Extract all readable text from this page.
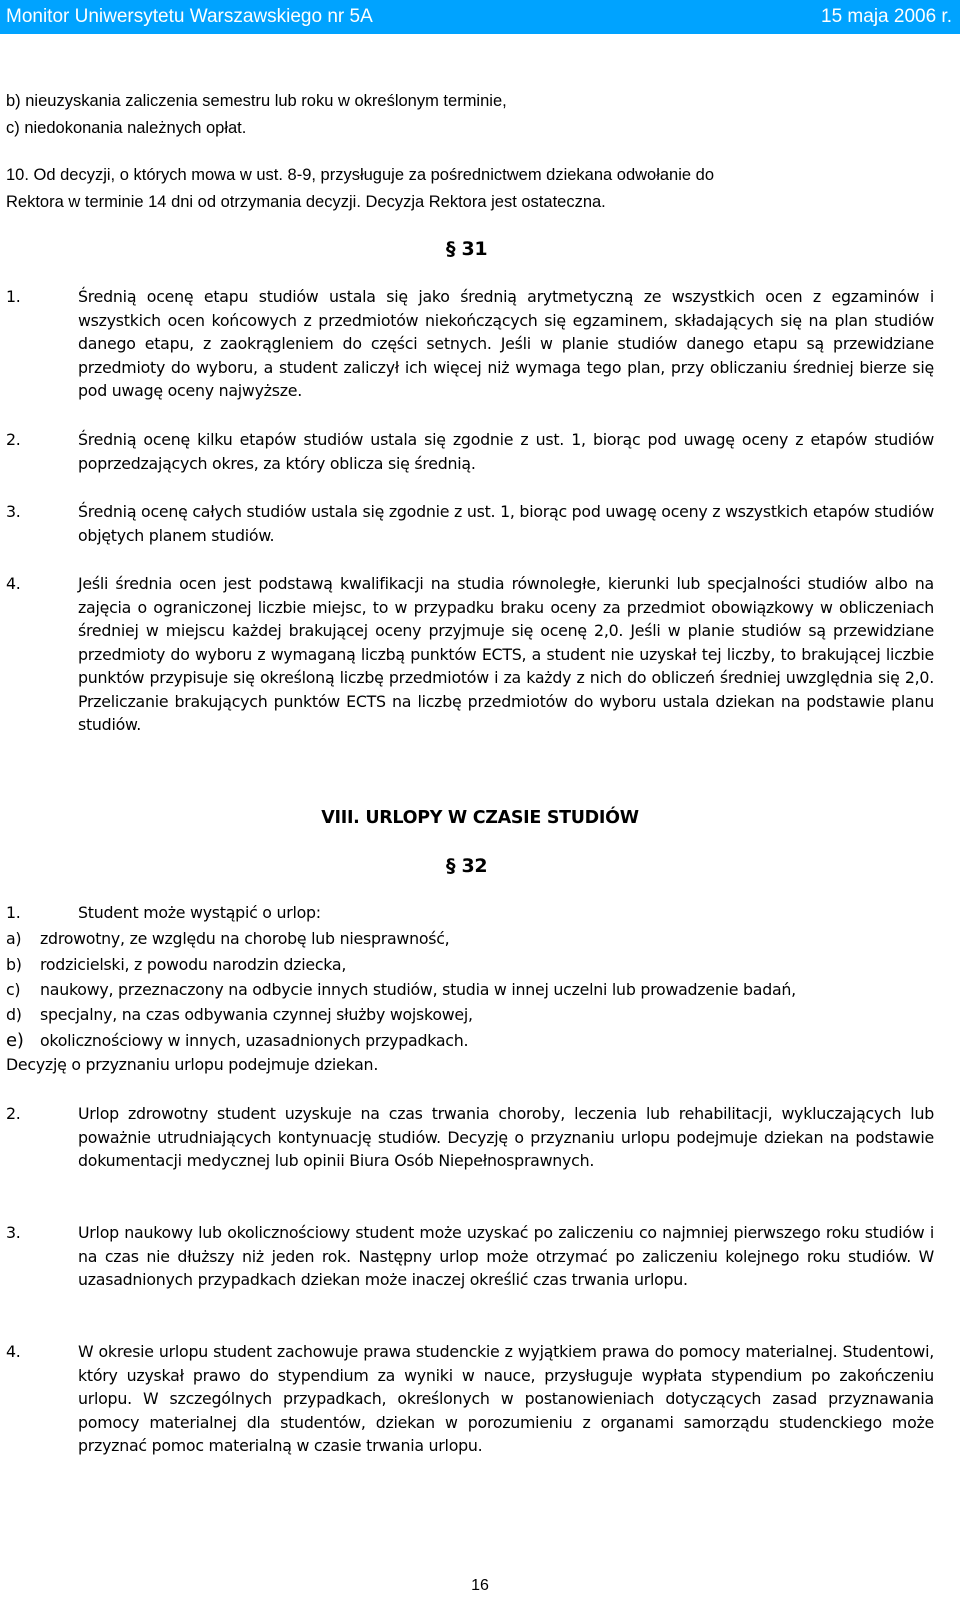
Monitor Uniwersytetu Warszawskiego nr 5A	15 maja 2006 r.
b) nieuzyskania zaliczenia semestru lub roku w określonym terminie,
c) niedokonania należnych opłat.
10. Od decyzji, o których mowa w ust. 8-9, przysługuje za pośrednictwem dziekana odwołanie do
Rektora w terminie 14 dni od otrzymania decyzji. Decyzja Rektora jest ostateczna.
§ 31
1.	Średnią ocenę etapu studiów ustala się jako średnią arytmetyczną ze wszystkich ocen z egzaminów i wszystkich ocen końcowych z przedmiotów niekończących się egzaminem, składających się na plan studiów danego etapu, z zaokrągleniem do części setnych. Jeśli w planie studiów danego etapu są przewidziane przedmioty do wyboru, a student zaliczył ich więcej niż wymaga tego plan, przy obliczaniu średniej bierze się pod uwagę oceny najwyższe.
2.	Średnią ocenę kilku etapów studiów ustala się zgodnie z ust. 1, biorąc pod uwagę oceny z etapów studiów poprzedzających okres, za który oblicza się średnią.
3.	Średnią ocenę całych studiów ustala się zgodnie z ust. 1, biorąc pod uwagę oceny z wszystkich etapów studiów objętych planem studiów.
4.	Jeśli średnia ocen jest podstawą kwalifikacji na studia równoległe, kierunki lub specjalności studiów albo na zajęcia o ograniczonej liczbie miejsc, to w przypadku braku oceny za przedmiot obowiązkowy w obliczeniach średniej w miejscu każdej brakującej oceny przyjmuje się ocenę 2,0. Jeśli w planie studiów są przewidziane przedmioty do wyboru z wymaganą liczbą punktów ECTS, a student nie uzyskał tej liczby, to brakującej liczbie punktów przypisuje się określoną liczbę przedmiotów i za każdy z nich do obliczeń średniej uwzględnia się 2,0. Przeliczanie brakujących punktów ECTS na liczbę przedmiotów do wyboru ustala dziekan na podstawie planu studiów.
VIII. URLOPY W CZASIE STUDIÓW
§ 32
1.	Student może wystąpić o urlop:
a) zdrowotny, ze względu na chorobę lub niesprawność,
b) rodzicielski, z powodu narodzin dziecka,
c) naukowy, przeznaczony na odbycie innych studiów, studia w innej uczelni lub prowadzenie badań,
d) specjalny, na czas odbywania czynnej służby wojskowej,
e) okolicznościowy w innych, uzasadnionych przypadkach.
Decyzję o przyznaniu urlopu podejmuje dziekan.
2.	Urlop zdrowotny student uzyskuje na czas trwania choroby, leczenia lub rehabilitacji, wykluczających lub poważnie utrudniających kontynuację studiów. Decyzję o przyznaniu urlopu podejmuje dziekan na podstawie dokumentacji medycznej lub opinii Biura Osób Niepełnosprawnych.
3.	Urlop naukowy lub okolicznościowy student może uzyskać po zaliczeniu co najmniej pierwszego roku studiów i na czas nie dłuższy niż jeden rok. Następny urlop może otrzymać po zaliczeniu kolejnego roku studiów. W uzasadnionych przypadkach dziekan może inaczej określić czas trwania urlopu.
4.	W okresie urlopu student zachowuje prawa studenckie z wyjątkiem prawa do pomocy materialnej. Studentowi, który uzyskał prawo do stypendium za wyniki w nauce, przysługuje wypłata stypendium po zakończeniu urlopu. W szczególnych przypadkach, określonych w postanowieniach dotyczących zasad przyznawania pomocy materialnej dla studentów, dziekan w porozumieniu z organami samorządu studenckiego może przyznać pomoc materialną w czasie trwania urlopu.
16
